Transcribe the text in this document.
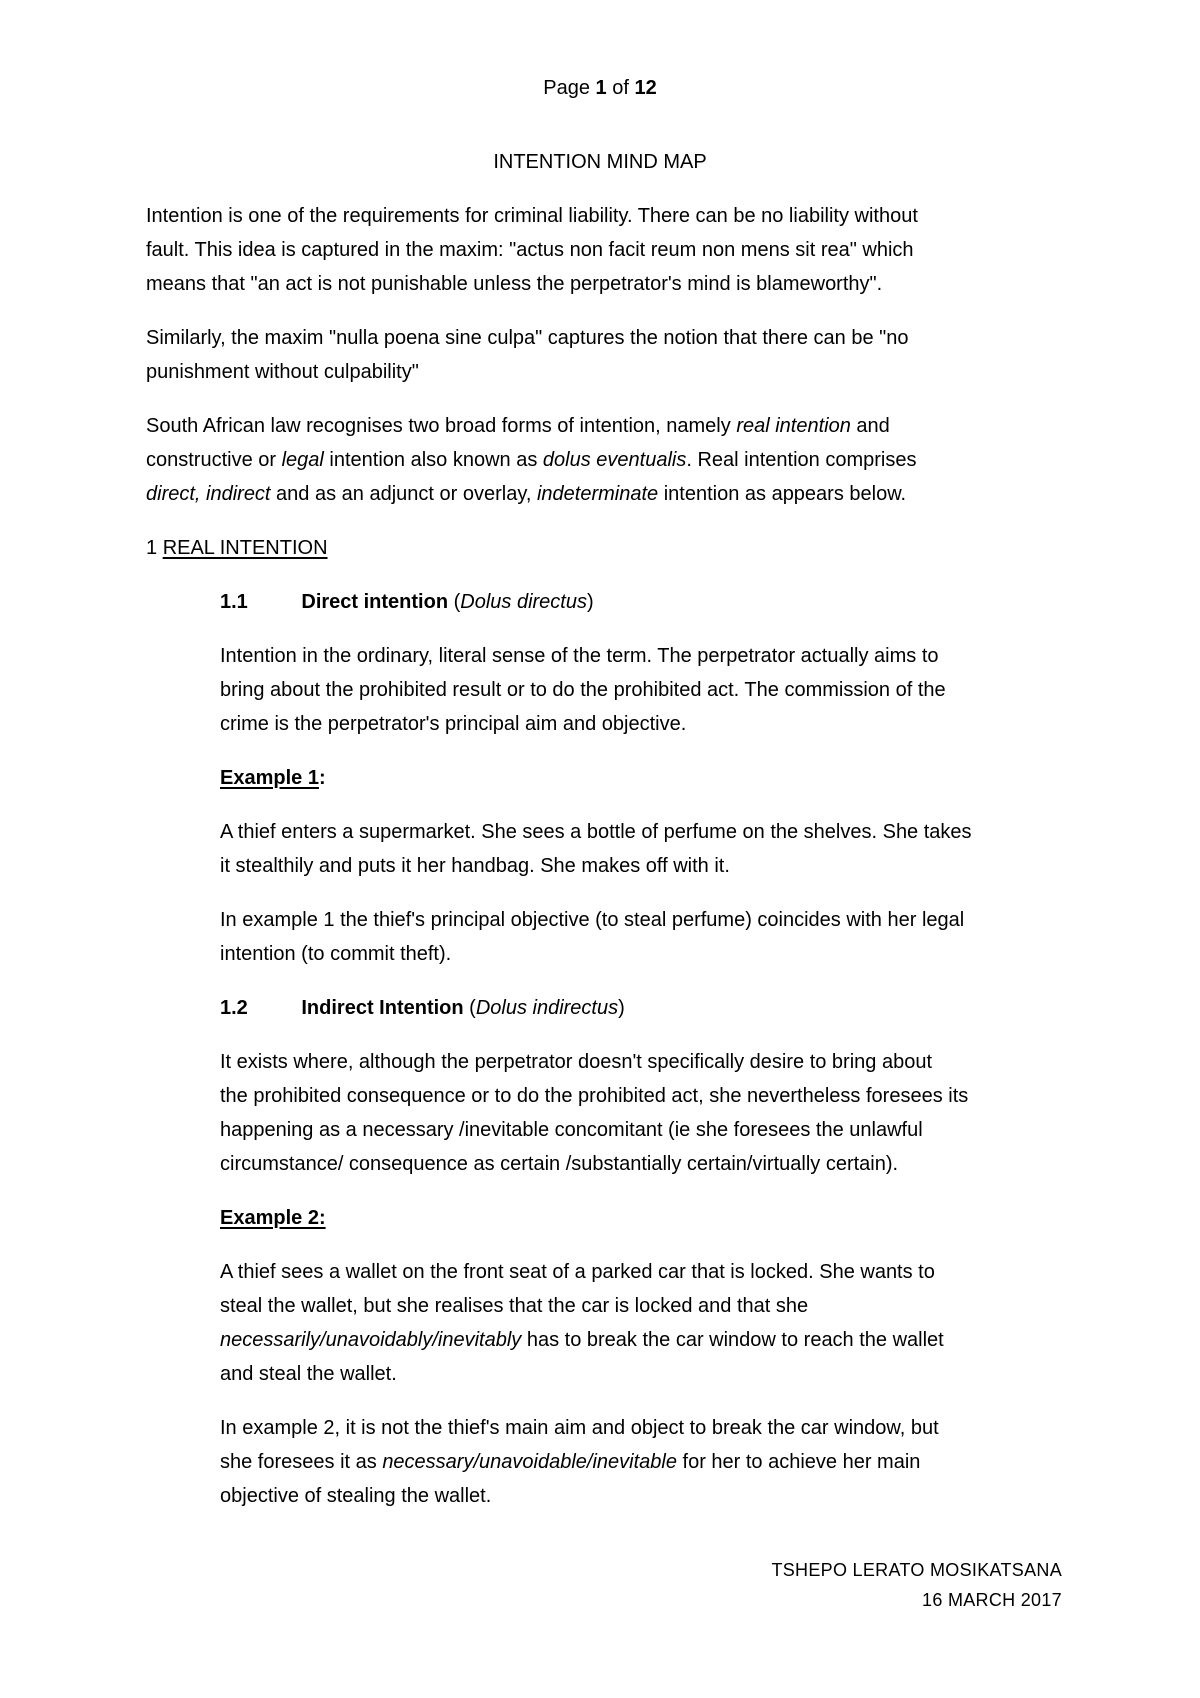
Page 1 of 12
INTENTION MIND MAP
Intention is one of the requirements for criminal liability. There can be no liability without
fault. This idea is captured in the maxim: "actus non facit reum non mens sit rea" which
means that "an act is not punishable unless the perpetrator's mind is blameworthy".
Similarly, the maxim "nulla poena sine culpa" captures the notion that there can be "no
punishment without culpability"
South African law recognises two broad forms of intention, namely real intention and
constructive or legal intention also known as dolus eventualis. Real intention comprises
direct, indirect and as an adjunct or overlay, indeterminate intention as appears below.
1 REAL INTENTION
1.1	Direct intention (Dolus directus)
Intention in the ordinary, literal sense of the term. The perpetrator actually aims to
bring about the prohibited result or to do the prohibited act. The commission of the
crime is the perpetrator's principal aim and objective.
Example 1:
A thief enters a supermarket. She sees a bottle of perfume on the shelves. She takes
it stealthily and puts it her handbag. She makes off with it.
In example 1 the thief's principal objective (to steal perfume) coincides with her legal
intention (to commit theft).
1.2	Indirect Intention (Dolus indirectus)
It exists where, although the perpetrator doesn't specifically desire to bring about
the prohibited consequence or to do the prohibited act, she nevertheless foresees its
happening as a necessary /inevitable concomitant (ie she foresees the unlawful
circumstance/ consequence as certain /substantially certain/virtually certain).
Example 2:
A thief sees a wallet on the front seat of a parked car that is locked. She wants to
steal the wallet, but she realises that the car is locked and that she
necessarily/unavoidably/inevitably has to break the car window to reach the wallet
and steal the wallet.
In example 2, it is not the thief's main aim and object to break the car window, but
she foresees it as necessary/unavoidable/inevitable for her to achieve her main
objective of stealing the wallet.
TSHEPO LERATO MOSIKATSANA
16 MARCH 2017
